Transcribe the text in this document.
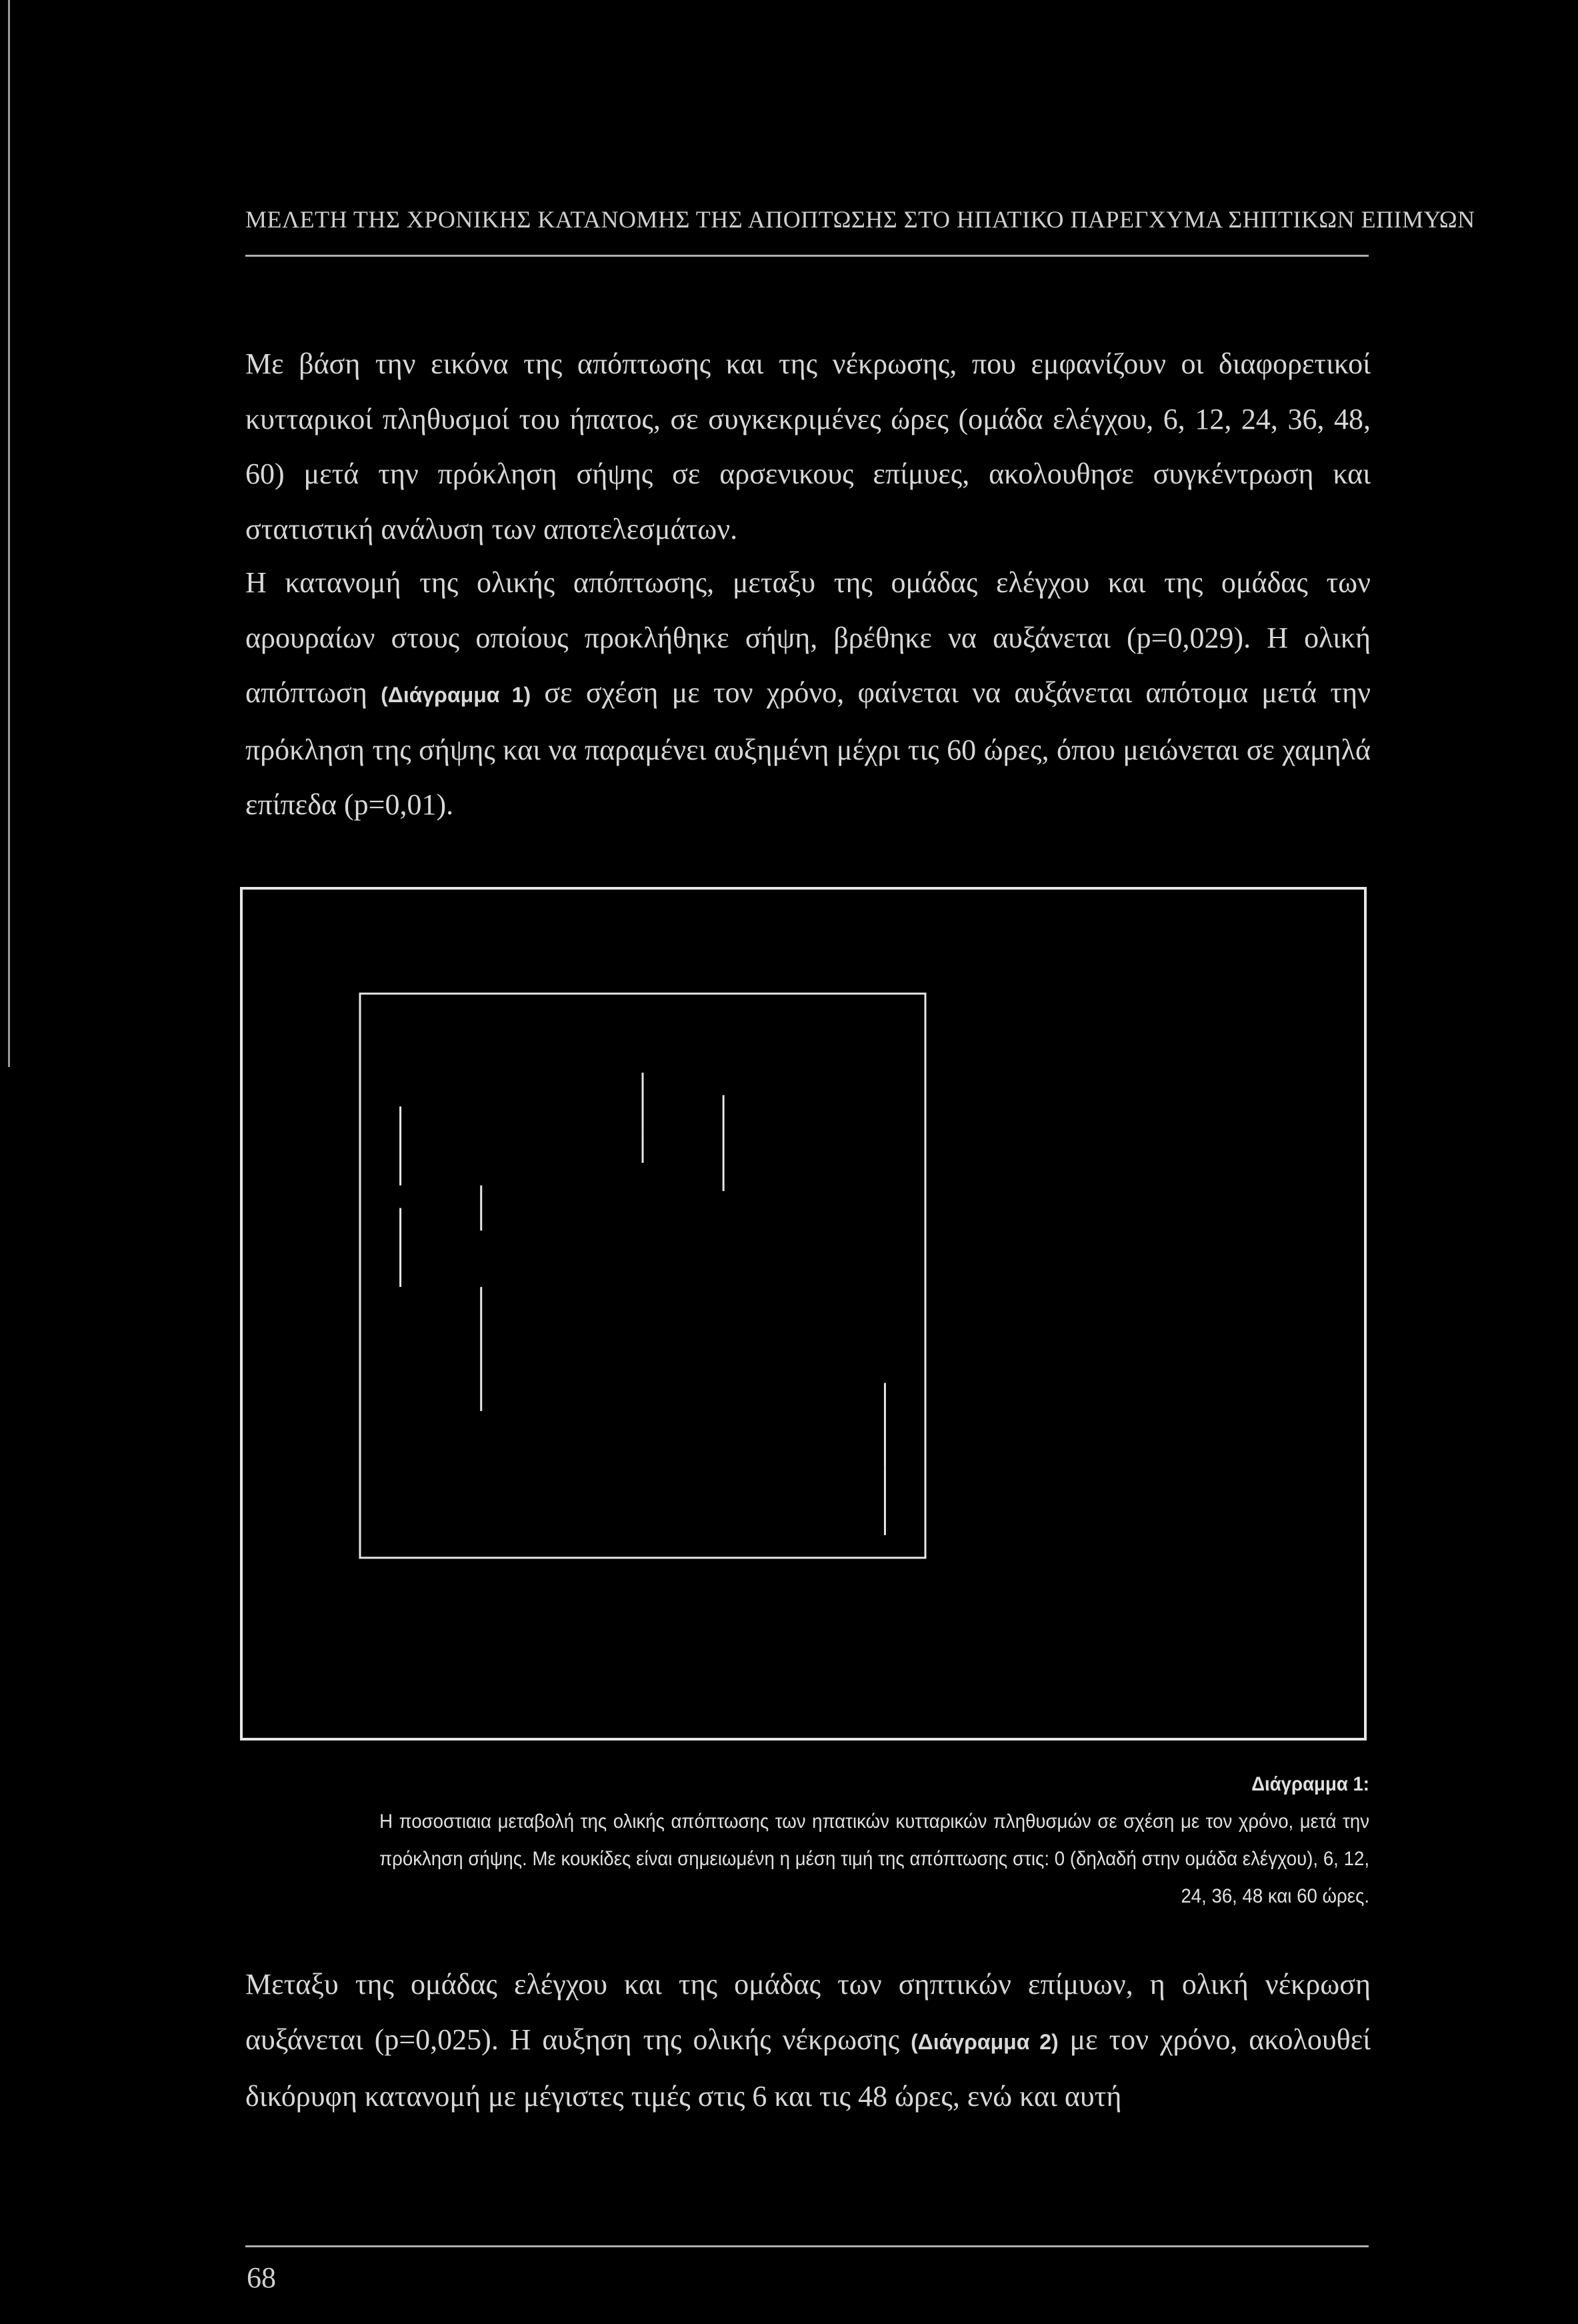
ΜΕΛΕΤΗ ΤΗΣ ΧΡΟΝΙΚΗΣ ΚΑΤΑΝΟΜΗΣ ΤΗΣ ΑΠΟΠΤΩΣΗΣ ΣΤΟ ΗΠΑΤΙΚΟ ΠΑΡΕΓΧΥΜΑ ΣΗΠΤΙΚΩΝ ΕΠΙΜΥΩΝ

Με βάση την εικόνα της απόπτωσης και της νέκρωσης, που εμφανίζουν οι διαφορετικοί κυτταρικοί πληθυσμοί του ήπατος, σε συγκεκριμένες ώρες (ομάδα ελέγχου, 6, 12, 24, 36, 48, 60) μετά την πρόκληση σήψης σε αρσενικους επίμυες, ακολουθησε συγκέντρωση και στατιστική ανάλυση των αποτελεσμάτων.

Η κατανομή της ολικής απόπτωσης, μεταξυ της ομάδας ελέγχου και της ομάδας των αρουραίων στους οποίους προκλήθηκε σήψη, βρέθηκε να αυξάνεται (p=0,029). Η ολική απόπτωση (Διάγραμμα 1) σε σχέση με τον χρόνο, φαίνεται να αυξάνεται απότομα μετά την πρόκληση της σήψης και να παραμένει αυξημένη μέχρι τις 60 ώρες, όπου μειώνεται σε χαμηλά επίπεδα (p=0,01).

Διάγραμμα 1:
Η ποσοστιαια μεταβολή της ολικής απόπτωσης των ηπατικών κυτταρικών πληθυσμών σε σχέση με τον χρόνο, μετά την πρόκληση σήψης. Με κουκίδες είναι σημειωμένη η μέση τιμή της απόπτωσης στις: 0 (δηλαδή στην ομάδα ελέγχου), 6, 12, 24, 36, 48 και 60 ώρες.

Μεταξυ της ομάδας ελέγχου και της ομάδας των σηπτικών επίμυων, η ολική νέκρωση αυξάνεται (p=0,025). Η αυξηση της ολικής νέκρωσης (Διάγραμμα 2) με τον χρόνο, ακολουθεί δικόρυφη κατανομή με μέγιστες τιμές στις 6 και τις 48 ώρες, ενώ και αυτή

68
